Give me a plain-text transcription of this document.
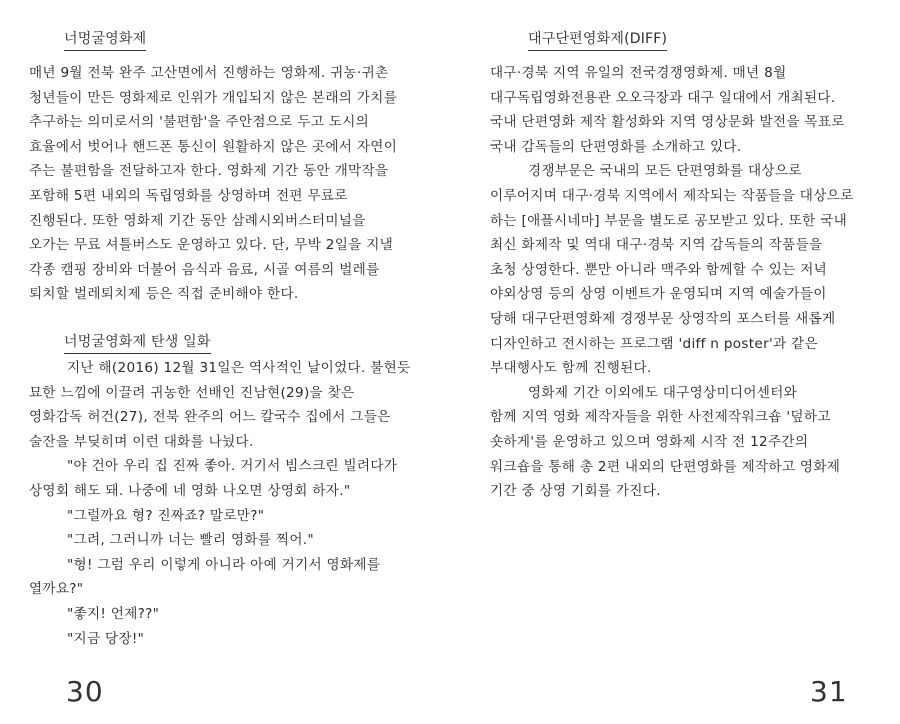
너멍굴영화제
매년 9월 전북 완주 고산면에서 진행하는 영화제. 귀농·귀촌
청년들이 만든 영화제로 인위가 개입되지 않은 본래의 가치를
추구하는 의미로서의 '불편함'을 주안점으로 두고 도시의
효율에서 벗어나 핸드폰 통신이 원활하지 않은 곳에서 자연이
주는 불편함을 전달하고자 한다. 영화제 기간 동안 개막작을
포함해 5편 내외의 독립영화를 상영하며 전편 무료로
진행된다. 또한 영화제 기간 동안 삼례시외버스터미널을
오가는 무료 셔틀버스도 운영하고 있다. 단, 무박 2일을 지낼
각종 캠핑 장비와 더불어 음식과 음료, 시골 여름의 벌레를
퇴치할 벌레퇴치제 등은 직접 준비해야 한다.
너멍굴영화제 탄생 일화
지난 해(2016) 12월 31일은 역사적인 날이었다. 불현듯
묘한 느낌에 이끌려 귀농한 선배인 진남현(29)을 찾은
영화감독 허건(27), 전북 완주의 어느 칼국수 집에서 그들은
술잔을 부딪히며 이런 대화를 나눴다.
"야 건아 우리 집 진짜 좋아. 거기서 빔스크린 빌려다가
상영회 해도 돼. 나중에 네 영화 나오면 상영회 하자."
"그럴까요 형? 진짜죠? 말로만?"
"그려, 그러니까 너는 빨리 영화를 찍어."
"형! 그럼 우리 이렇게 아니라 아예 거기서 영화제를
열까요?"
"좋지! 언제??"
"지금 당장!"
30
대구단편영화제(DIFF)
대구·경북 지역 유일의 전국경쟁영화제. 매년 8월
대구독립영화전용관 오오극장과 대구 일대에서 개최된다.
국내 단편영화 제작 활성화와 지역 영상문화 발전을 목표로
국내 감독들의 단편영화를 소개하고 있다.
경쟁부문은 국내의 모든 단편영화를 대상으로
이루어지며 대구·경북 지역에서 제작되는 작품들을 대상으로
하는 [애플시네마] 부문을 별도로 공모받고 있다. 또한 국내
최신 화제작 및 역대 대구·경북 지역 감독들의 작품들을
초청 상영한다. 뿐만 아니라 맥주와 함께할 수 있는 저녁
야외상영 등의 상영 이벤트가 운영되며 지역 예술가들이
당해 대구단편영화제 경쟁부문 상영작의 포스터를 새롭게
디자인하고 전시하는 프로그램 'diff n poster'과 같은
부대행사도 함께 진행된다.
영화제 기간 이외에도 대구영상미디어센터와
함께 지역 영화 제작자들을 위한 사전제작워크숍 '덮하고
숏하게'를 운영하고 있으며 영화제 시작 전 12주간의
워크숍을 통해 총 2편 내외의 단편영화를 제작하고 영화제
기간 중 상영 기회를 가진다.
31
